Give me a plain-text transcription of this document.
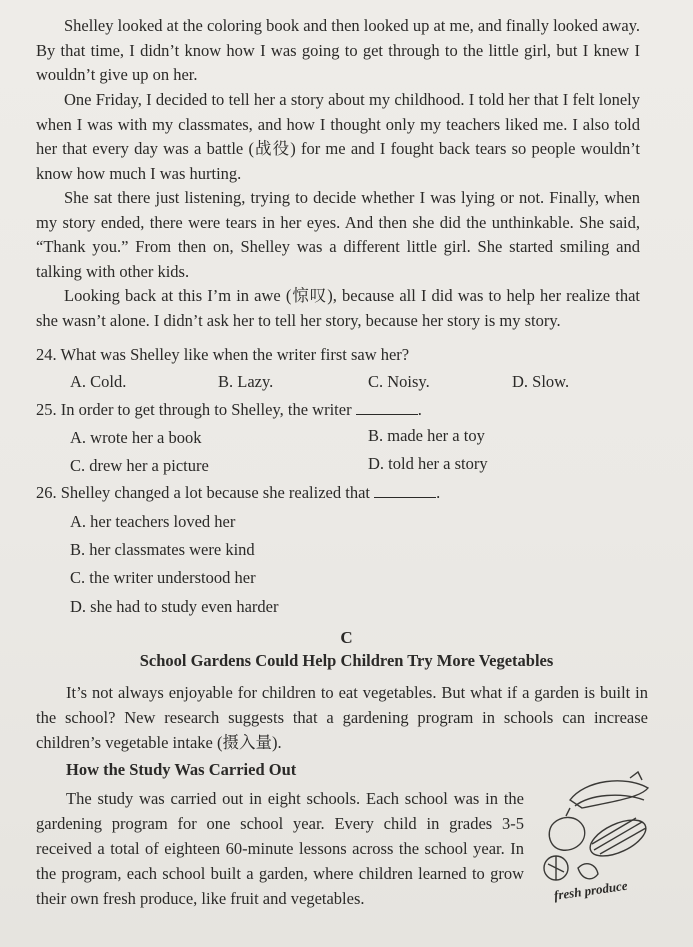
Shelley looked at the coloring book and then looked up at me, and finally looked away. By that time, I didn’t know how I was going to get through to the little girl, but I knew I wouldn’t give up on her.

One Friday, I decided to tell her a story about my childhood. I told her that I felt lonely when I was with my classmates, and how I thought only my teachers liked me. I also told her that every day was a battle (战役) for me and I fought back tears so people wouldn’t know how much I was hurting.

She sat there just listening, trying to decide whether I was lying or not. Finally, when my story ended, there were tears in her eyes. And then she did the unthinkable. She said, “Thank you.” From then on, Shelley was a different little girl. She started smiling and talking with other kids.

Looking back at this I’m in awe (惊叹), because all I did was to help her realize that she wasn’t alone. I didn’t ask her to tell her story, because her story is my story.

24. What was Shelley like when the writer first saw her?
A. Cold.	B. Lazy.	C. Noisy.	D. Slow.
25. In order to get through to Shelley, the writer	.
A. wrote her a book	B. made her a toy
C. drew her a picture	D. told her a story
26. Shelley changed a lot because she realized that	.
A. her teachers loved her
B. her classmates were kind
C. the writer understood her
D. she had to study even harder
C
School Gardens Could Help Children Try More Vegetables

It’s not always enjoyable for children to eat vegetables. But what if a garden is built in the school? New research suggests that a gardening program in schools can increase children’s vegetable intake (摄入量).

How the Study Was Carried Out

The study was carried out in eight schools. Each school was in the gardening program for one school year. Every child in grades 3-5 received a total of eighteen 60-minute lessons across the school year. In the program, each school built a garden, where children learned to grow their own fresh produce, like fruit and vegetables.	fresh produce
